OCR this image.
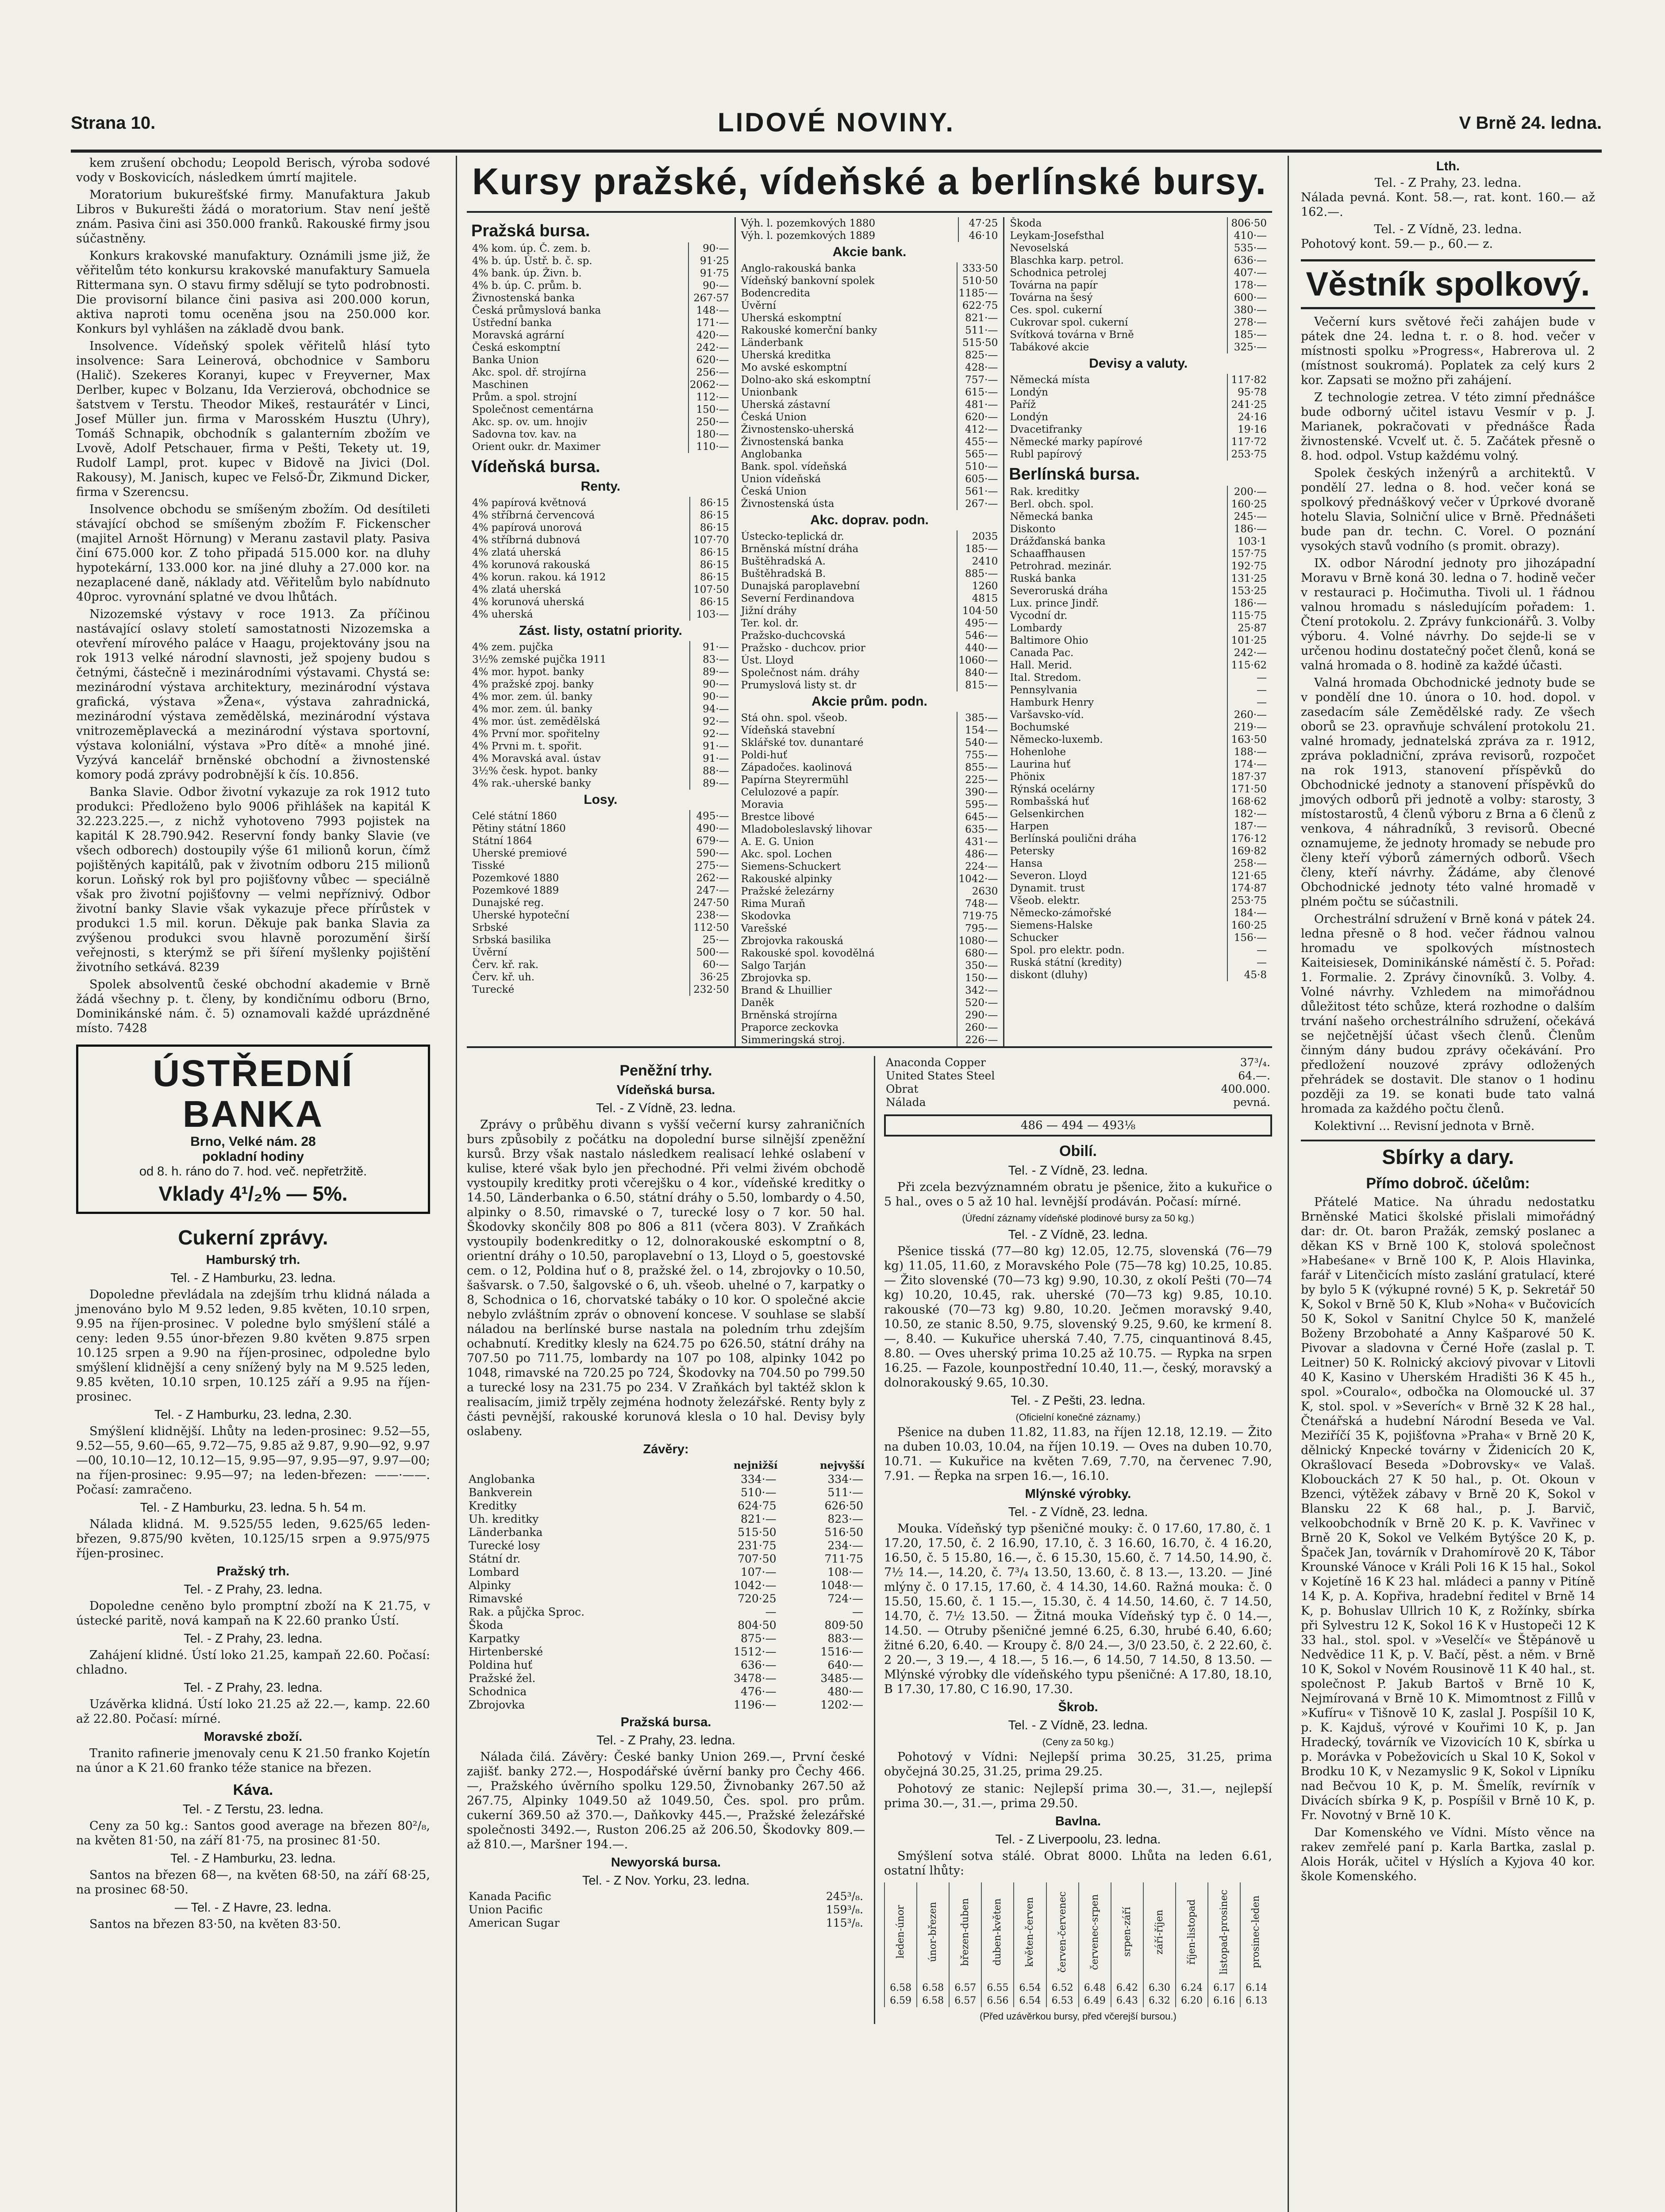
Strana 10.	LIDOVÉ NOVINY.	V Brně 24. ledna.

kem zrušení obchodu; Leopold Berisch, výroba sodové vody v Boskovicích, následkem úmrtí majitele.

Moratorium bukurešťské firmy. Manufaktura Jakub Libros v Bukurešti žádá o moratorium. Stav není ještě znám. Pasiva čini asi 350.000 franků. Rakouské firmy jsou súčastněny.

Konkurs krakovské manufaktury. Oznámili jsme již, že věřitelům této konkursu krakovské manufaktury Samuela Rittermana syn. O stavu firmy sdělují se tyto podrobnosti. Die provisorní bilance čini pasiva asi 200.000 korun, aktiva naproti tomu oceněna jsou na 250.000 kor. Konkurs byl vyhlášen na základě dvou bank.

Insolvence. Vídeňský spolek věřitelů hlásí tyto insolvence: Sara Leinerová, obchodnice v Samboru (Halič). Szekeres Koranyi, kupec v Freyverner, Max Derlber, kupec v Bolzanu, Ida Verzierová, obchodnice se šatstvem v Terstu. Theodor Mikeš, restaurátér v Linci, Josef Müller jun. firma v Marosském Husztu (Uhry), Tomáš Schnapik, obchodník s galanterním zbožím ve Lvově, Adolf Petschauer, firma v Pešti, Tekety ut. 19, Rudolf Lampl, prot. kupec v Bidově na Jivici (Dol. Rakousy), M. Janisch, kupec ve Felső-Ďr, Zikmund Dicker, firma v Szerencsu.

Insolvence obchodu se smíšeným zbožím. Od desítileti stávající obchod se smíšeným zbožím F. Fickenscher (majitel Arnošt Hörnung) v Meranu zastavil platy. Pasiva činí 675.000 kor. Z toho připadá 515.000 kor. na dluhy hypotekární, 133.000 kor. na jiné dluhy a 27.000 kor. na nezaplacené daně, náklady atd. Věřitelům bylo nabídnuto 40proc. vyrovnání splatné ve dvou lhůtách.

Nizozemské výstavy v roce 1913. Za příčinou nastávající oslavy století samostatnosti Nizozemska a otevření mírového paláce v Haagu, projektovány jsou na rok 1913 velké národní slavnosti, jež spojeny budou s četnými, částečně i mezinárodními výstavami. Chystá se: mezinárodní výstava architektury, mezinárodní výstava grafická, výstava »Žena«, výstava zahradnická, mezinárodní výstava zemědělská, mezinárodní výstava vnitrozeměplavecká a mezinárodní výstava sportovní, výstava koloniální, výstava »Pro dítě« a mnohé jiné. Vyzývá kancelář brněnské obchodní a živnostenské komory podá zprávy podrobnější k čís. 10.856.

Banka Slavie. Odbor životní vykazuje za rok 1912 tuto produkci: Předloženo bylo 9006 přihlášek na kapitál K 32.223.225.—, z nichž vyhotoveno 7993 pojistek na kapitál K 28.790.942. Reservní fondy banky Slavie (ve všech odborech) dostoupily výše 61 milionů korun, čímž pojištěných kapitálů, pak v životním odboru 215 milionů korun. Loňský rok byl pro pojišťovny vůbec — speciálně však pro životní pojišťovny — velmi nepříznivý. Odbor životní banky Slavie však vykazuje přece přírůstek v produkci 1.5 mil. korun. Děkuje pak banka Slavia za zvýšenou produkci svou hlavně porozumění širší veřejnosti, s kterýmž se při šíření myšlenky pojištění životního setkává. 8239

Spolek absolventů české obchodní akademie v Brně žádá všechny p. t. členy, by kondičnímu odboru (Brno, Dominikánské nám. č. 5) oznamovali každé uprázdněné místo. 7428

ÚSTŘEDNÍ BANKA
Brno, Velké nám. 28
pokladní hodiny
od 8. h. ráno do 7. hod. več. nepřetržitě.
Vklady 4¹/₂% — 5%.
Cukerní zprávy.
Hamburský trh.
Tel. - Z Hamburku, 23. ledna.

Dopoledne převládala na zdejším trhu klidná nálada a jmenováno bylo M 9.52 leden, 9.85 květen, 10.10 srpen, 9.95 na říjen-prosinec. V poledne bylo smýšlení stálé a ceny: leden 9.55 únor-březen 9.80 květen 9.875 srpen 10.125 srpen a 9.90 na říjen-prosinec, odpoledne bylo smýšlení klidnější a ceny snížený byly na M 9.525 leden, 9.85 květen, 10.10 srpen, 10.125 září a 9.95 na říjen-prosinec.

Tel. - Z Hamburku, 23. ledna, 2.30.

Smýšlení klidnější. Lhůty na leden-prosinec: 9.52—55, 9.52—55, 9.60—65, 9.72—75, 9.85 až 9.87, 9.90—92, 9.97—00, 10.10—12, 10.12—15, 9.95—97, 9.95—97, 9.97—00; na říjen-prosinec: 9.95—97; na leden-březen: ——·——. Počasí: zamračeno.

Tel. - Z Hamburku, 23. ledna. 5 h. 54 m.

Nálada klidná. M. 9.525/55 leden, 9.625/65 leden-březen, 9.875/90 květen, 10.125/15 srpen a 9.975/975 říjen-prosinec.

Pražský trh.
Tel. - Z Prahy, 23. ledna.

Dopoledne ceněno bylo promptní zboží na K 21.75, v ústecké paritě, nová kampaň na K 22.60 pranko Ústí.

Tel. - Z Prahy, 23. ledna.

Zahájení klidné. Ústí loko 21.25, kampaň 22.60. Počasí: chladno.

Tel. - Z Prahy, 23. ledna.

Uzávěrka klidná. Ústí loko 21.25 až 22.—, kamp. 22.60 až 22.80. Počasí: mírné.

Moravské zboží.

Tranito rafinerie jmenovaly cenu K 21.50 franko Kojetín na únor a K 21.60 franko téže stanice na březen.

Káva.
Tel. - Z Terstu, 23. ledna.

Ceny za 50 kg.: Santos good average na březen 80²/₈, na květen 81·50, na září 81·75, na prosinec 81·50.

Tel. - Z Hamburku, 23. ledna.

Santos na březen 68—, na květen 68·50, na září 68·25, na prosinec 68·50.

— Tel. - Z Havre, 23. ledna.

Santos na březen 83·50, na květen 83·50.

Kursy pražské, vídeňské a berlínské bursy.
Pražská bursa.
4% kom. úp. Č. zem. b.	90·—
4% b. úp. Ústř. b. č. sp.	91·25
4% bank. úp. Živn. b.	91·75
4% b. úp. C. prům. b.	90·—
Živnostenská banka	267·57
Česká průmyslová banka	148·—
Ústřední banka	171·—
Moravská agrární	420·—
Česká eskomptní	242·—
Banka Union	620·—
Akc. spol. dř. strojírna	256·—
Maschinen	2062·—
Prům. a spol. strojní	112·—
Společnost cementárna	150·—
Akc. sp. ov. um. hnojiv	250·—
Sadovna tov. kav. na	180·—
Orient oukr. dr. Maximer	110·—
Vídeňská bursa.
Renty.
4% papírová květnová	86·15
4% stříbrná červencová	86·15
4% papírová unorová	86·15
4% stříbrná dubnová	107·70
4% zlatá uherská	86·15
4% korunová rakouská	86·15
4% korun. rakou. ká 1912	86·15
4% zlatá uherská	107·50
4% korunová uherská	86·15
4% uherská	103·—
Zást. listy, ostatní priority.
4% zem. pujčka	91·—
3½% zemské pujčka 1911	83·—
4% mor. hypot. banky	89·—
4% pražské zpoj. banky	90·—
4% mor. zem. úl. banky	90·—
4% mor. zem. úl. banky	94·—
4% mor. úst. zemědělská	92·—
4% První mor. spořitelny	92·—
4% Prvni m. t. spořit.	91·—
4% Moravská aval. ústav	91·—
3½% česk. hypot. banky	88·—
4% rak.-uherské banky	89·—
Losy.
Celé státní 1860	495·—
Pětiny státní 1860	490·—
Státní 1864	679·—
Uherské premiové	590·—
Tisské	275·—
Pozemkové 1880	262·—
Pozemkové 1889	247·—
Dunajské reg.	247·50
Uherské hypoteční	238·—
Srbské	112·50
Srbská basilika	25·—
Úvěrní	500·—
Červ. kř. rak.	60·—
Červ. kř. uh.	36·25
Turecké	232·50
Výh. l. pozemkových 1880	47·25
Výh. l. pozemkových 1889	46·10
Akcie bank.
Anglo-rakouská banka	333·50
Vídeňský bankovní spolek	510·50
Bodencredita	1185·—
Úvěrní	622·75
Uherská eskomptní	821·—
Rakouské komerční banky	511·—
Länderbank	515·50
Uherská kreditka	825·—
Mo avské eskomptní	428·—
Dolno-ako ská eskomptní	757·—
Unionbank	615·—
Uherská zástavní	481·—
Česká Union	620·—
Živnostensko-uherská	412·—
Živnostenská banka	455·—
Anglobanka	565·—
Bank. spol. vídeňská	510·—
Union vídeňská	605·—
Česká Union	561·—
Živnostenská ústa	267·—
Akc. doprav. podn.
Ústecko-teplická dr.	2035
Brněnská místní dráha	185·—
Buštěhradská A.	2410
Buštěhradská B.	885·—
Dunajská paroplavební	1260
Severní Ferdinandova	4815
Jižní dráhy	104·50
Ter. kol. dr.	495·—
Pražsko-duchcovská	546·—
Pražsko - duchcov. prior	440·—
Úst. Lloyd	1060·—
Společnost nám. dráhy	840·—
Prumyslová listy st. dr	815·—
Akcie prům. podn.
Stá ohn. spol. všeob.	385·—
Vídeňská stavební	154·—
Sklářské tov. dunantaré	540·—
Poldi-huť	755·—
Západočes. kaolinová	855·—
Papírna Steyrermühl	225·—
Celulozové a papír.	390·—
Moravia	595·—
Brestce libové	645·—
Mladoboleslavský lihovar	635·—
A. E. G. Union	431·—
Akc. spol. Lochen	486·—
Siemens-Schuckert	224·—
Rakouské alpinky	1042·—
Pražské železárny	2630
Rima Muraň	748·—
Skodovka	719·75
Varešské	795·—
Zbrojovka rakouská	1080·—
Rakouské spol. kovodělná	680·—
Salgo Tarján	350·—
Zbrojovka sp.	150·—
Brand & Lhuillier	342·—
Daněk	520·—
Brněnská strojírna	290·—
Praporce zeckovka	260·—
Simmeringská stroj.	226·—
Škoda	806·50
Leykam-Josefsthal	410·—
Nevoselská	535·—
Blaschka karp. petrol.	636·—
Schodnica petrolej	407·—
Továrna na papír	178·—
Továrna na šesý	600·—
Ces. spol. cukerní	380·—
Cukrovar spol. cukerní	278·—
Svítková továrna v Brně	185·—
Tabákové akcie	325·—
Devisy a valuty.
Německá místa	117·82
Londýn	95·78
Paříž	241·25
Londýn	24·16
Dvacetifranky	19·16
Německé marky papírové	117·72
Rubl papírový	253·75
Berlínská bursa.
Rak. kreditky	200·—
Berl. obch. spol.	160·25
Německá banka	245·—
Diskonto	186·—
Drážďanská banka	103·1
Schaaffhausen	157·75
Petrohrad. mezinár.	192·75
Ruská banka	131·25
Severoruská dráha	153·25
Lux. prince Jindř.	186·—
Vycodní dr.	115·75
Lombardy	25·87
Baltimore Ohio	101·25
Canada Pac.	242·—
Hall. Merid.	115·62
Ital. Stredom.	—
Pennsylvania	—
Hamburk Henry	—
Varšavsko-víd.	260·—
Bochumské	219·—
Německo-luxemb.	163·50
Hohenlohe	188·—
Laurina huť	174·—
Phönix	187·37
Rýnská ocelárny	171·50
Rombašská huť	168·62
Gelsenkirchen	182·—
Harpen	187·—
Berlínská poulični dráha	176·12
Petersky	169·82
Hansa	258·—
Severon. Lloyd	121·65
Dynamit. trust	174·87
Všeob. elektr.	253·75
Německo-zámořské	184·—
Siemens-Halske	160·25
Schucker	156·—
Spol. pro elektr. podn.	—
Ruská státní (kredity)	—
diskont (dluhy)	45·8
Peněžní trhy.
Vídeňská bursa.
Tel. - Z Vídně, 23. ledna.

Zprávy o průběhu divann s vyšší večerní kursy zahraničních burs způsobily z počátku na dopolední burse silnější zpeněžní kursů. Brzy však nastalo následkem realisací lehké oslabení v kulise, které však bylo jen přechodné. Při velmi živém obchodě vystoupily kreditky proti včerejšku o 4 kor., vídeňské kreditky o 14.50, Länderbanka o 6.50, státní dráhy o 5.50, lombardy o 4.50, alpinky o 8.50, rimavské o 7, turecké losy o 7 kor. 50 hal. Škodovky skončily 808 po 806 a 811 (včera 803). V Zraňkách vystoupily bodenkreditky o 12, dolnorakouské eskomptní o 8, orientní dráhy o 10.50, paroplavební o 13, Lloyd o 5, goestovské cem. o 12, Poldina huť o 8, pražské žel. o 14, zbrojovky o 10.50, šašvarsk. o 7.50, šalgovské o 6, uh. všeob. uhelné o 7, karpatky o 8, Schodnica o 16, chorvatské tabáky o 10 kor. O společné akcie nebylo zvláštním zpráv o obnovení koncese. V souhlase se slabší náladou na berlínské burse nastala na poledním trhu zdejším ochabnutí. Kreditky klesly na 624.75 po 626.50, státní dráhy na 707.50 po 711.75, lombardy na 107 po 108, alpinky 1042 po 1048, rimavské na 720.25 po 724, Škodovky na 704.50 po 799.50 a turecké losy na 231.75 po 234. V Zraňkách byl taktéž sklon k realisacím, jimiž trpěly zejména hodnoty železářské. Renty byly z části pevnější, rakouské korunová klesla o 10 hal. Devisy byly oslabeny.

Závěry:
	nejnižší	nejvyšší
Anglobanka	334·—	334·—
Bankverein	510·—	511·—
Kreditky	624·75	626·50
Uh. kreditky	821·—	823·—
Länderbanka	515·50	516·50
Turecké losy	231·75	234·—
Státní dr.	707·50	711·75
Lombard	107·—	108·—
Alpinky	1042·—	1048·—
Rimavské	720·25	724·—
Rak. a půjčka Sproc.	—	—
Škoda	804·50	809·50
Karpatky	875·—	883·—
Hirtenberské	1512·—	1516·—
Poldina huť	636·—	640·—
Pražské žel.	3478·—	3485·—
Schodnica	476·—	480·—
Zbrojovka	1196·—	1202·—
Pražská bursa.
Tel. - Z Prahy, 23. ledna.

Nálada čilá. Závěry: České banky Union 269.—, První české zajišť. banky 272.—, Hospodářské úvěrní banky pro Čechy 466.—, Pražského úvěrního spolku 129.50, Živnobanky 267.50 až 267.75, Alpinky 1049.50 až 1049.50, Čes. spol. pro prům. cukerní 369.50 až 370.—, Daňkovky 445.—, Pražské železářské společnosti 3492.—, Ruston 206.25 až 206.50, Škodovky 809.— až 810.—, Maršner 194.—.

Newyorská bursa.
Tel. - Z Nov. Yorku, 23. ledna.
Kanada Pacific	245³/₈.
Union Pacific	159³/₈.
American Sugar	115³/₈.
Anaconda Copper	37³/₄.
United States Steel	64.—.
Obrat	400.000.
Nálada	pevná.
486 — 494 — 493⅛
Obilí.
Tel. - Z Vídně, 23. ledna.

Při zcela bezvýznamném obratu je pšenice, žito a kukuřice o 5 hal., oves o 5 až 10 hal. levnější prodáván. Počasí: mírné.

(Úřední záznamy vídeňské plodinové bursy za 50 kg.)
Tel. - Z Vídně, 23. ledna.

Pšenice tisská (77—80 kg) 12.05, 12.75, slovenská (76—79 kg) 11.05, 11.60, z Moravského Pole (75—78 kg) 10.25, 10.85. — Žito slovenské (70—73 kg) 9.90, 10.30, z okolí Pešti (70—74 kg) 10.20, 10.45, rak. uherské (70—73 kg) 9.85, 10.10. rakouské (70—73 kg) 9.80, 10.20. Ječmen moravský 9.40, 10.50, ze stanic 8.50, 9.75, slovenský 9.25, 9.60, ke krmení 8.—, 8.40. — Kukuřice uherská 7.40, 7.75, cinquantinová 8.45, 8.80. — Oves uherský prima 10.25 až 10.75. — Rypka na srpen 16.25. — Fazole, kounpostřední 10.40, 11.—, český, moravský a dolnorakouský 9.65, 10.30.

Tel. - Z Pešti, 23. ledna.
(Oficielní konečné záznamy.)

Pšenice na duben 11.82, 11.83, na říjen 12.18, 12.19. — Žito na duben 10.03, 10.04, na říjen 10.19. — Oves na duben 10.70, 10.71. — Kukuřice na květen 7.69, 7.70, na červenec 7.90, 7.91. — Řepka na srpen 16.—, 16.10.

Mlýnské výrobky.
Tel. - Z Vídně, 23. ledna.

Mouka. Vídeňský typ pšeničné mouky: č. 0 17.60, 17.80, č. 1 17.20, 17.50, č. 2 16.90, 17.10, č. 3 16.60, 16.70, č. 4 16.20, 16.50, č. 5 15.80, 16.—, č. 6 15.30, 15.60, č. 7 14.50, 14.90, č. 7½ 14.—, 14.20, č. 7³/₄ 13.50, 13.60, č. 8 13.—, 13.20. — Jiné mlýny č. 0 17.15, 17.60, č. 4 14.30, 14.60. Ražná mouka: č. 0 15.50, 15.60, č. 1 15.—, 15.30, č. 4 14.50, 14.60, č. 7 14.50, 14.70, č. 7½ 13.50. — Žitná mouka Vídeňský typ č. 0 14.—, 14.50. — Otruby pšeničné jemné 6.25, 6.30, hrubé 6.40, 6.60; žitné 6.20, 6.40. — Kroupy č. 8/0 24.—, 3/0 23.50, č. 2 22.60, č. 2 20.—, 3 19.—, 4 18.—, 5 16.—, 6 14.50, 7 14.50, 8 13.50. — Mlýnské výrobky dle vídeňského typu pšeničné: A 17.80, 18.10, B 17.30, 17.80, C 16.90, 17.30.

Škrob.
Tel. - Z Vídně, 23. ledna.
(Ceny za 50 kg.)

Pohotový v Vídni: Nejlepší prima 30.25, 31.25, prima obyčejná 30.25, 31.25, prima 29.25.

Pohotový ze stanic: Nejlepší prima 30.—, 31.—, nejlepší prima 30.—, 31.—, prima 29.50.

Bavlna.
Tel. - Z Liverpoolu, 23. ledna.

Smýšlení sotva stálé. Obrat 8000. Lhůta na leden 6.61, ostatní lhůty:

leden-únor	únor-březen	březen-duben	duben-květen	květen-červen	červen-červenec	červenec-srpen	srpen-září	září-říjen	říjen-listopad	listopad-prosinec	prosinec-leden
6.58	6.58	6.57	6.55	6.54	6.52	6.48	6.42	6.30	6.24	6.17	6.14
6.59	6.58	6.57	6.56	6.54	6.53	6.49	6.43	6.32	6.20	6.16	6.13
(Před uzávěrkou bursy, před včerejší bursou.)
Lth.
Tel. - Z Prahy, 23. ledna.

Nálada pevná. Kont. 58.—, rat. kont. 160.— až 162.—.

Tel. - Z Vídně, 23. ledna.

Pohotový kont. 59.— p., 60.— z.

Věstník spolkový.

Večerní kurs světové řeči zahájen bude v pátek dne 24. ledna t. r. o 8. hod. večer v místnosti spolku »Progress«, Habrerova ul. 2 (místnost soukromá). Poplatek za celý kurs 2 kor. Zapsati se možno při zahájení.

Z technologie zetrea. V této zimní přednášce bude odborný učitel istavu Vesmír v p. J. Marianek, pokračovati v přednášce Řada živnostenské. Vcvelť ut. č. 5. Začátek přesně o 8. hod. odpol. Vstup každému volný.

Spolek českých inženýrů a architektů. V pondělí 27. ledna o 8. hod. večer koná se spolkový přednáškový večer v Úprkové dvoraně hotelu Slavia, Solniční ulice v Brně. Přednášeti bude pan dr. techn. C. Vorel. O poznání vysokých stavů vodního (s promit. obrazy).

IX. odbor Národní jednoty pro jihozápadní Moravu v Brně koná 30. ledna o 7. hodině večer v restauraci p. Hočimuthа. Tivoli ul. 1 řádnou valnou hromadu s následujícím pořadem: 1. Čtení protokolu. 2. Zprávy funkcionářů. 3. Volby výboru. 4. Volné návrhy. Do sejde-li se v určenou hodinu dostatečný počet členů, koná se valná hromada o 8. hodině za každé účasti.

Valná hromada Obchodnické jednoty bude se v pondělí dne 10. února o 10. hod. dopol. v zasedacím sále Zemědělské rady. Ze všech oborů se 23. opravňuje schválení protokolu 21. valné hromady, jednatelská zpráva za r. 1912, zpráva pokladniční, zpráva revisorů, rozpočet na rok 1913, stanovení příspěvků do Obchodnické jednoty a stanovení příspěvků do jmových odborů při jednotě a volby: starosty, 3 místostarostů, 4 členů výboru z Brna a 6 členů z venkova, 4 náhradníků, 3 revisorů. Obecné oznamujeme, že jednoty hromady se nebude pro členy kteří výborů zámerných odborů. Všech členy, kteří návrhy. Žádáme, aby členové Obchodnické jednoty této valné hromadě v plném počtu se súčastnili.

Orchestrální sdružení v Brně koná v pátek 24. ledna přesně o 8 hod. večer řádnou valnou hromadu ve spolkových místnostech Kaiteisiesek, Dominikánské náměstí č. 5. Pořad: 1. Formalie. 2. Zprávy činovníků. 3. Volby. 4. Volné návrhy. Vzhledem na mimořádnou důležitost této schůze, která rozhodne o dalším trvání našeho orchestrálního sdružení, očekává se nejčetnější účast všech členů. Členům činným dány budou zprávy očekávání. Pro předložení nouzové zprávy odložených přehrádek se dostavit. Dle stanov o 1 hodinu později za 19. se konati bude tato valná hromada za každého počtu členů.

Kolektivní ... Revisní jednota v Brně.

Sbírky a dary.
Přímo dobroč. účelům:

Přátelé Matice. Na úhradu nedostatku Brněnské Matici školské přislali mimořádný dar: dr. Ot. baron Pražák, zemský poslanec a děkan KS v Brně 100 K, stolová společnost »Habeśane« v Brně 100 K, P. Alois Hlavinka, farář v Litenčicích místo zaslání gratulací, které by bylo 5 K (výkupné rovné) 5 K, p. Sekretář 50 K, Sokol v Brně 50 K, Klub »Noha« v Bučovicích 50 K, Sokol v Sanitní Chylce 50 K, manželé Boženy Brzobohaté a Anny Kašparové 50 K. Pivovar a sladovna v Černé Hoře (zaslal p. T. Leitner) 50 K. Rolnický akciový pivovar v Litovli 40 K, Kasino v Uherském Hradišti 36 K 45 h., spol. »Couralo«, odbočka na Olomoucké ul. 37 K, stol. spol. v »Severích« v Brně 32 K 28 hal., Čtenářská a hudební Národní Beseda ve Val. Meziříčí 35 K, pojišťovna »Praha« v Brně 20 K, dělnický Knpecké továrny v Židenicích 20 K, Okrašlovací Beseda »Dobrovsky« ve Valaš. Klobouckách 27 K 50 hal., p. Ot. Okoun v Bzenci, výtěžek zábavy v Brně 20 K, Sokol v Blansku 22 K 68 hal., p. J. Barvič, velkoobchodník v Brně 20 K. p. K. Vavřinec v Brně 20 K, Sokol ve Velkém Bytýšce 20 K, p. Špaček Jan, továrník v Drahomírově 20 K, Tábor Krounské Vánoce v Králi Poli 16 K 15 hal., Sokol v Kojetíně 16 K 23 hal. mládeci a panny v Pitíně 14 K, p. A. Kopřiva, hradební ředitel v Brně 14 K, p. Bohuslav Ullrich 10 K, z Rožínky, sbírka při Sylvestru 12 K, Sokol 16 K v Hustopeči 12 K 33 hal., stol. spol. v »Veselčí« ve Štěpánově u Nedvědice 11 K, p. V. Bačí, pěst. a něm. v Brně 10 K, Sokol v Novém Rousinově 11 K 40 hal., st. společnost P. Jakub Bartoš v Brně 10 K, Nejmírovaná v Brně 10 K. Mimomtnost z Fillů v »Kufíru« v Tišnově 10 K, zaslal J. Pospíšil 10 K, p. K. Kajduš, výrové v Kouřimi 10 K, p. Jan Hradecký, továrník ve Vizovicích 10 K, sbírka u p. Morávka v Pobežovicích u Skal 10 K, Sokol v Brodku 10 K, v Nezamyslic 9 K, Sokol v Lipníku nad Bečvou 10 K, p. M. Šmelík, revírník v Divácích sbírka 9 K, p. Pospíšil v Brně 10 K, p. Fr. Novotný v Brně 10 K.

Dar Komenského ve Vídni. Místo věnce na rakev zemřelé paní p. Karla Bartka, zaslal p. Alois Horák, učitel v Hýslích a Kyjova 40 kor. škole Komenského.
